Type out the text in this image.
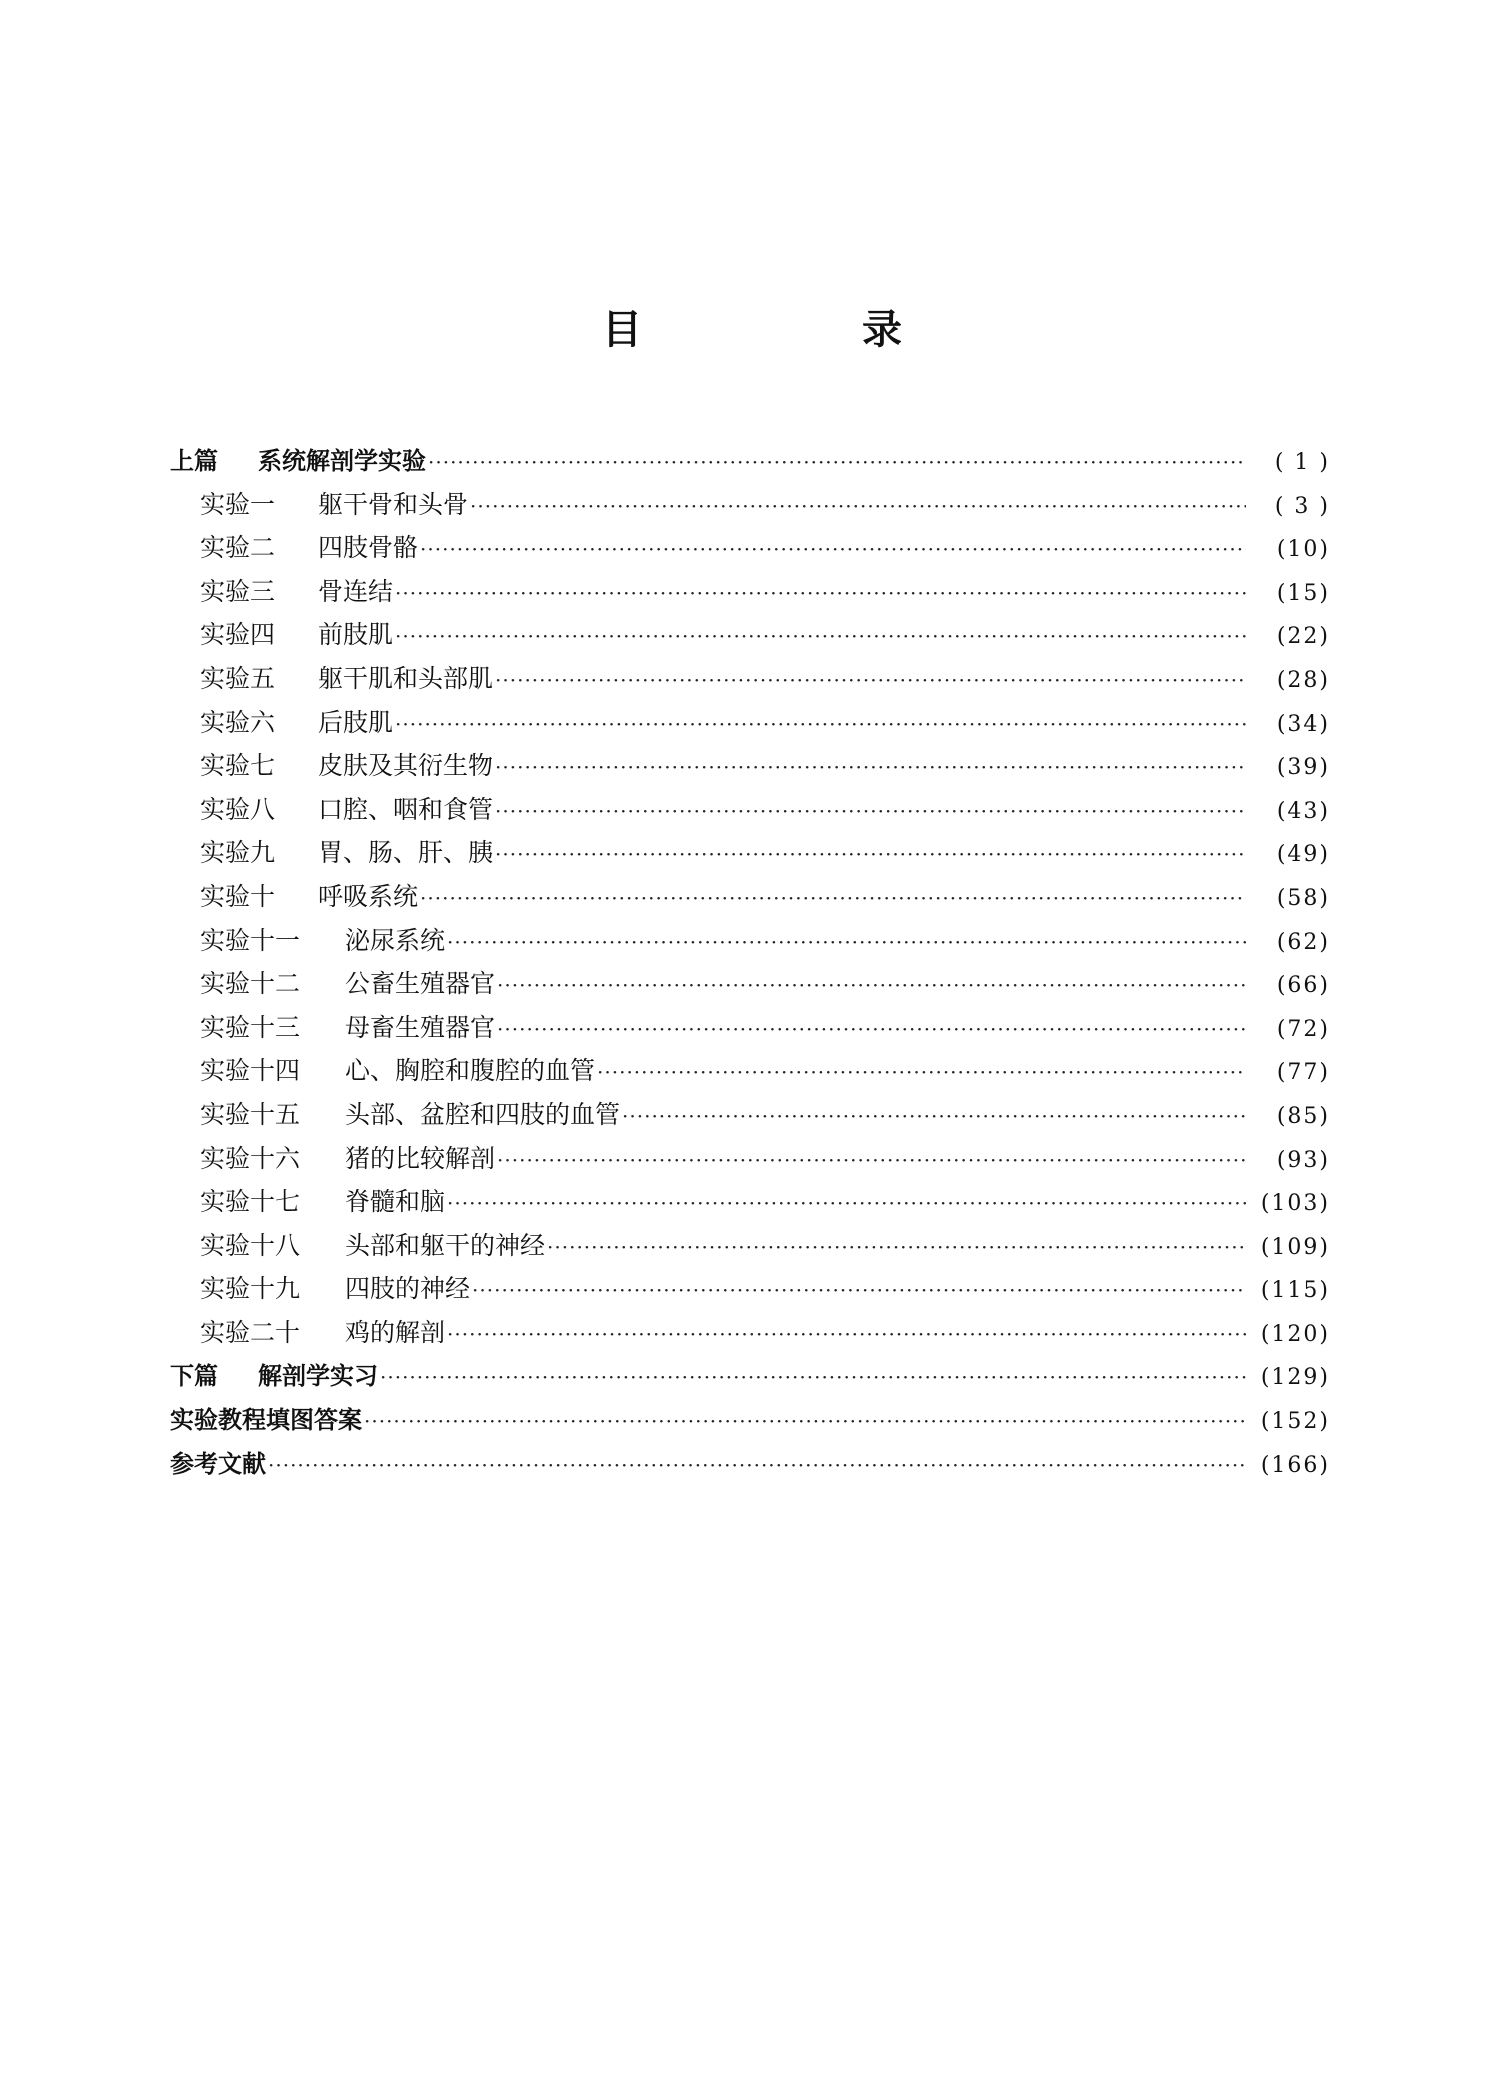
目　录
上篇 系统解剖学实验 ·····	( 1 )
实验一 躯干骨和头骨 ·····	( 3 )
实验二 四肢骨骼 ·····	(10)
实验三 骨连结 ·····	(15)
实验四 前肢肌 ·····	(22)
实验五 躯干肌和头部肌 ·····	(28)
实验六 后肢肌 ·····	(34)
实验七 皮肤及其衍生物 ·····	(39)
实验八 口腔、咽和食管 ·····	(43)
实验九 胃、肠、肝、胰 ·····	(49)
实验十 呼吸系统 ·····	(58)
实验十一 泌尿系统 ·····	(62)
实验十二 公畜生殖器官 ·····	(66)
实验十三 母畜生殖器官 ·····	(72)
实验十四 心、胸腔和腹腔的血管 ·····	(77)
实验十五 头部、盆腔和四肢的血管 ·····	(85)
实验十六 猪的比较解剖 ·····	(93)
实验十七 脊髓和脑 ·····	(103)
实验十八 头部和躯干的神经 ·····	(109)
实验十九 四肢的神经 ·····	(115)
实验二十 鸡的解剖 ·····	(120)
下篇 解剖学实习 ·····	(129)
实验教程填图答案 ·····	(152)
参考文献 ·····	(166)
